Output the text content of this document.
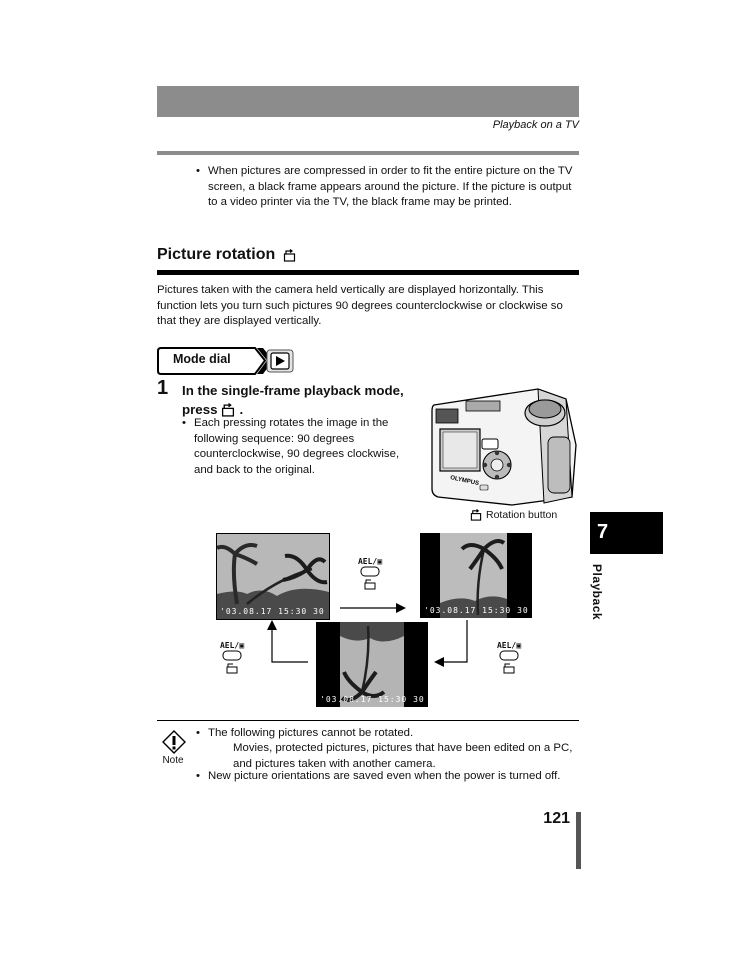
Playback on a TV
• When pictures are compressed in order to fit the entire picture on the TV screen, a black frame appears around the picture. If the picture is output to a video printer via the TV, the black frame may be printed.
Picture rotation
Pictures taken with the camera held vertically are displayed horizontally. This function lets you turn such pictures 90 degrees counterclockwise or clockwise so that they are displayed vertically.
Mode dial
1 In the single-frame playback mode,
press .
• Each pressing rotates the image in the following sequence: 90 degrees counterclockwise, 90 degrees clockwise, and back to the original.
OLYMPUS
Rotation button
7
Playback
'03.08.17 15:30 30	'03.08.17 15:30 30
'03.08.17 15:30 30
AEL/▣
AEL/▣	AEL/▣
Note
• The following pictures cannot be rotated.
Movies, protected pictures, pictures that have been edited on a PC, and pictures taken with another camera.
• New picture orientations are saved even when the power is turned off.
121
